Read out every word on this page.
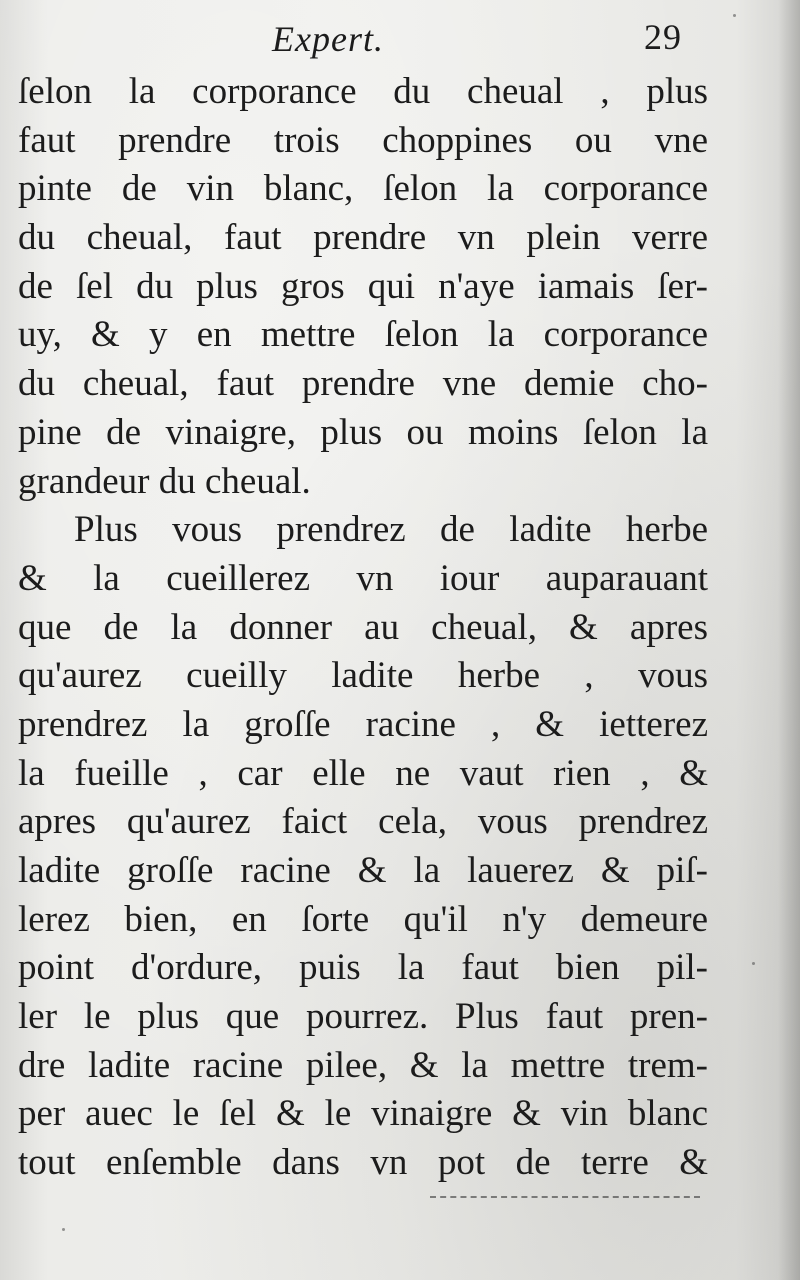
Expert.	29
ſelon la corporance du cheual , plus
faut prendre trois choppines ou vne
pinte de vin blanc, ſelon la corporance
du cheual, faut prendre vn plein verre
de ſel du plus gros qui n'aye iamais ſer-
uy, & y en mettre ſelon la corporance
du cheual, faut prendre vne demie cho-
pine de vinaigre, plus ou moins ſelon la
grandeur du cheual.
Plus vous prendrez de ladite herbe
& la cueillerez vn iour auparauant
que de la donner au cheual, & apres
qu'aurez cueilly ladite herbe , vous
prendrez la groſſe racine , & ietterez
la fueille , car elle ne vaut rien , &
apres qu'aurez faict cela, vous prendrez
ladite groſſe racine & la lauerez & piſ-
lerez bien, en ſorte qu'il n'y demeure
point d'ordure, puis la faut bien pil-
ler le plus que pourrez. Plus faut pren-
dre ladite racine pilee, & la mettre trem-
per auec le ſel & le vinaigre & vin blanc
tout enſemble dans vn pot de terre &
